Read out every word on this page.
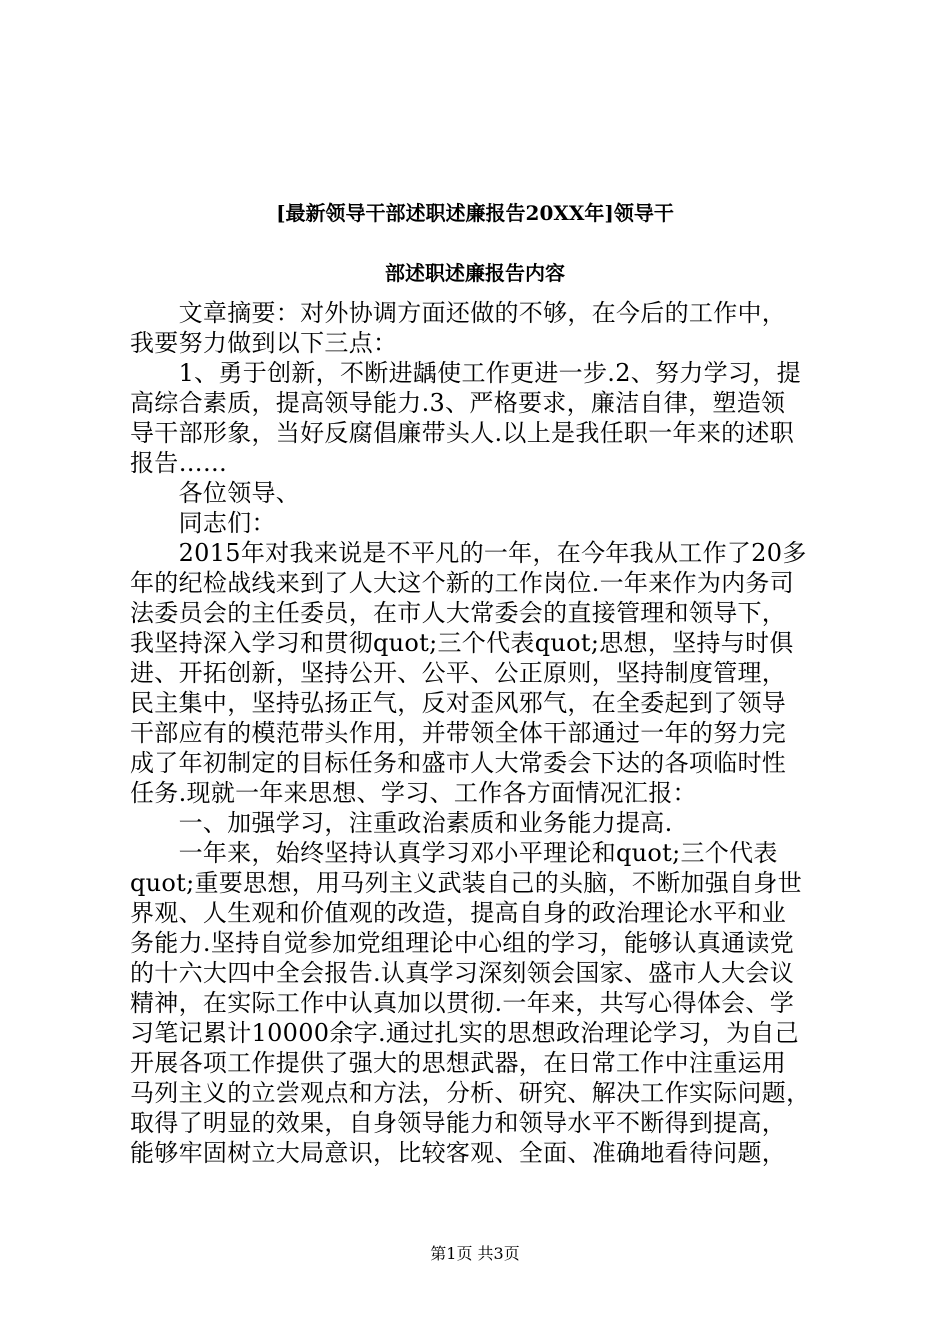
[最新领导干部述职述廉报告20XX年]领导干
部述职述廉报告内容
　　文章摘要：对外协调方面还做的不够，在今后的工作中，
我要努力做到以下三点：
　　1、勇于创新，不断进龋使工作更进一步.2、努力学习，提
高综合素质，提高领导能力.3、严格要求，廉洁自律，塑造领
导干部形象，当好反腐倡廉带头人.以上是我任职一年来的述职
报告……
　　各位领导、
　　同志们：
　　2015年对我来说是不平凡的一年，在今年我从工作了20多
年的纪检战线来到了人大这个新的工作岗位.一年来作为内务司
法委员会的主任委员，在市人大常委会的直接管理和领导下，
我坚持深入学习和贯彻quot;三个代表quot;思想，坚持与时俱
进、开拓创新，坚持公开、公平、公正原则，坚持制度管理，
民主集中，坚持弘扬正气，反对歪风邪气，在全委起到了领导
干部应有的模范带头作用，并带领全体干部通过一年的努力完
成了年初制定的目标任务和盛市人大常委会下达的各项临时性
任务.现就一年来思想、学习、工作各方面情况汇报：
　　一、加强学习，注重政治素质和业务能力提高.
　　一年来，始终坚持认真学习邓小平理论和quot;三个代表
quot;重要思想，用马列主义武装自己的头脑，不断加强自身世
界观、人生观和价值观的改造，提高自身的政治理论水平和业
务能力.坚持自觉参加党组理论中心组的学习，能够认真通读党
的十六大四中全会报告.认真学习深刻领会国家、盛市人大会议
精神，在实际工作中认真加以贯彻.一年来，共写心得体会、学
习笔记累计10000余字.通过扎实的思想政治理论学习，为自己
开展各项工作提供了强大的思想武器，在日常工作中注重运用
马列主义的立尝观点和方法，分析、研究、解决工作实际问题，
取得了明显的效果，自身领导能力和领导水平不断得到提高，
能够牢固树立大局意识，比较客观、全面、准确地看待问题，
第1页 共3页
